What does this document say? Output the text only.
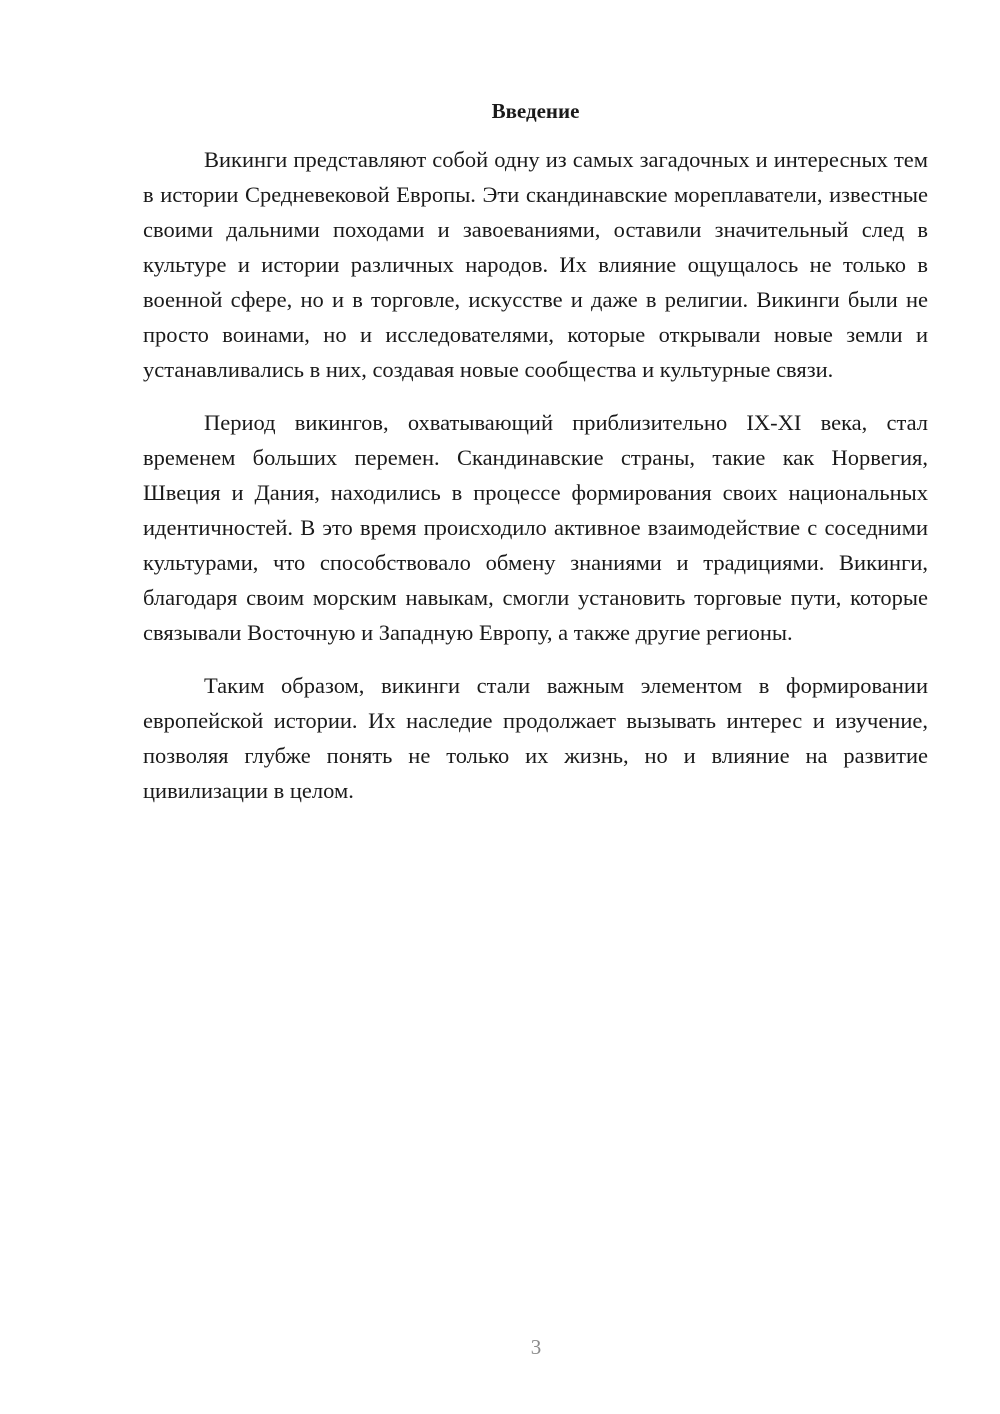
Введение

Викинги представляют собой одну из самых загадочных и интересных тем в истории Средневековой Европы. Эти скандинавские мореплаватели, известные своими дальними походами и завоеваниями, оставили значительный след в культуре и истории различных народов. Их влияние ощущалось не только в военной сфере, но и в торговле, искусстве и даже в религии. Викинги были не просто воинами, но и исследователями, которые открывали новые земли и устанавливались в них, создавая новые сообщества и культурные связи.

Период викингов, охватывающий приблизительно IX-XI века, стал временем больших перемен. Скандинавские страны, такие как Норвегия, Швеция и Дания, находились в процессе формирования своих национальных идентичностей. В это время происходило активное взаимодействие с соседними культурами, что способствовало обмену знаниями и традициями. Викинги, благодаря своим морским навыкам, смогли установить торговые пути, которые связывали Восточную и Западную Европу, а также другие регионы.

Таким образом, викинги стали важным элементом в формировании европейской истории. Их наследие продолжает вызывать интерес и изучение, позволяя глубже понять не только их жизнь, но и влияние на развитие цивилизации в целом.

3
